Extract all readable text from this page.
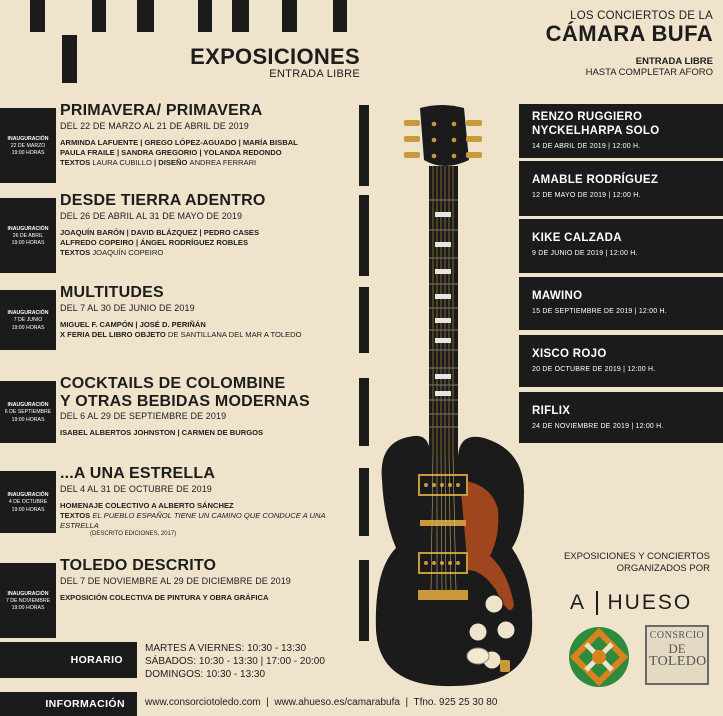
EXPOSICIONES
ENTRADA LIBRE
LOS CONCIERTOS DE LA
CÁMARA BUFA
ENTRADA LIBRE
HASTA COMPLETAR AFORO
INAUGURACIÓN
22 DE MARZO
19:00 HORAS
PRIMAVERA/ PRIMAVERA
DEL 22 DE MARZO AL 21 DE ABRIL DE 2019
ARMINDA LAFUENTE | GREGO LÓPEZ-AGUADO | MARÍA BISBAL
PAULA FRAILE | SANDRA GREGORIO | YOLANDA REDONDO
TEXTOS LAURA CUBILLO | DISEÑO ANDREA FERRARI
INAUGURACIÓN
26 DE ABRIL
19:00 HORAS
DESDE TIERRA ADENTRO
DEL 26 DE ABRIL AL 31 DE MAYO DE 2019
JOAQUÍN BARÓN | DAVID BLÁZQUEZ | PEDRO CASES
ALFREDO COPEIRO | ÁNGEL RODRÍGUEZ ROBLES
TEXTOS JOAQUÍN COPEIRO
INAUGURACIÓN
7 DE JUNIO
19:00 HORAS
MULTITUDES
DEL 7 AL 30 DE JUNIO DE 2019
MIGUEL F. CAMPÓN | JOSÉ D. PERIÑÁN
X FERIA DEL LIBRO OBJETO DE SANTILLANA DEL MAR A TOLEDO
INAUGURACIÓN
6 DE SEPTIEMBRE
19:00 HORAS
COCKTAILS DE COLOMBINE
Y OTRAS BEBIDAS MODERNAS
DEL 6 AL 29 DE SEPTIEMBRE DE 2019
ISABEL ALBERTOS JOHNSTON | CARMEN DE BURGOS
INAUGURACIÓN
4 DE OCTUBRE
19:00 HORAS
...A UNA ESTRELLA
DEL 4 AL 31 DE OCTUBRE DE 2019
HOMENAJE COLECTIVO A ALBERTO SÁNCHEZ
TEXTOS EL PUEBLO ESPAÑOL TIENE UN CAMINO QUE CONDUCE A UNA ESTRELLA
(DESCRITO EDICIONES, 2017)
INAUGURACIÓN
7 DE NOVIEMBRE
19:00 HORAS
TOLEDO DESCRITO
DEL 7 DE NOVIEMBRE AL 29 DE DICIEMBRE DE 2019
EXPOSICIÓN COLECTIVA DE PINTURA Y OBRA GRÁFICA
RENZO RUGGIERO
NYCKELHARPA SOLO
14 DE ABRIL DE 2019 | 12:00 H.
AMABLE RODRÍGUEZ
12 DE MAYO DE 2019 | 12:00 H.
KIKE CALZADA
9 DE JUNIO DE 2019 | 12:00 H.
MAWINO
15 DE SEPTIEMBRE DE 2019 | 12:00 H.
XISCO ROJO
20 DE OCTUBRE DE 2019 | 12:00 H.
RIFLIX
24 DE NOVIEMBRE DE 2019 | 12:00 H.
EXPOSICIONES Y CONCIERTOS
ORGANIZADOS POR
A HUESO
CONSRCIO
DE
TOLEDO
HORARIO
MARTES A VIERNES: 10:30 - 13:30
SÁBADOS: 10:30 - 13:30 | 17:00 - 20:00
DOMINGOS: 10:30 - 13:30
INFORMACIÓN www.consorciotoledo.com  |  www.ahueso.es/camarabufa  |  Tfno. 925 25 30 80
